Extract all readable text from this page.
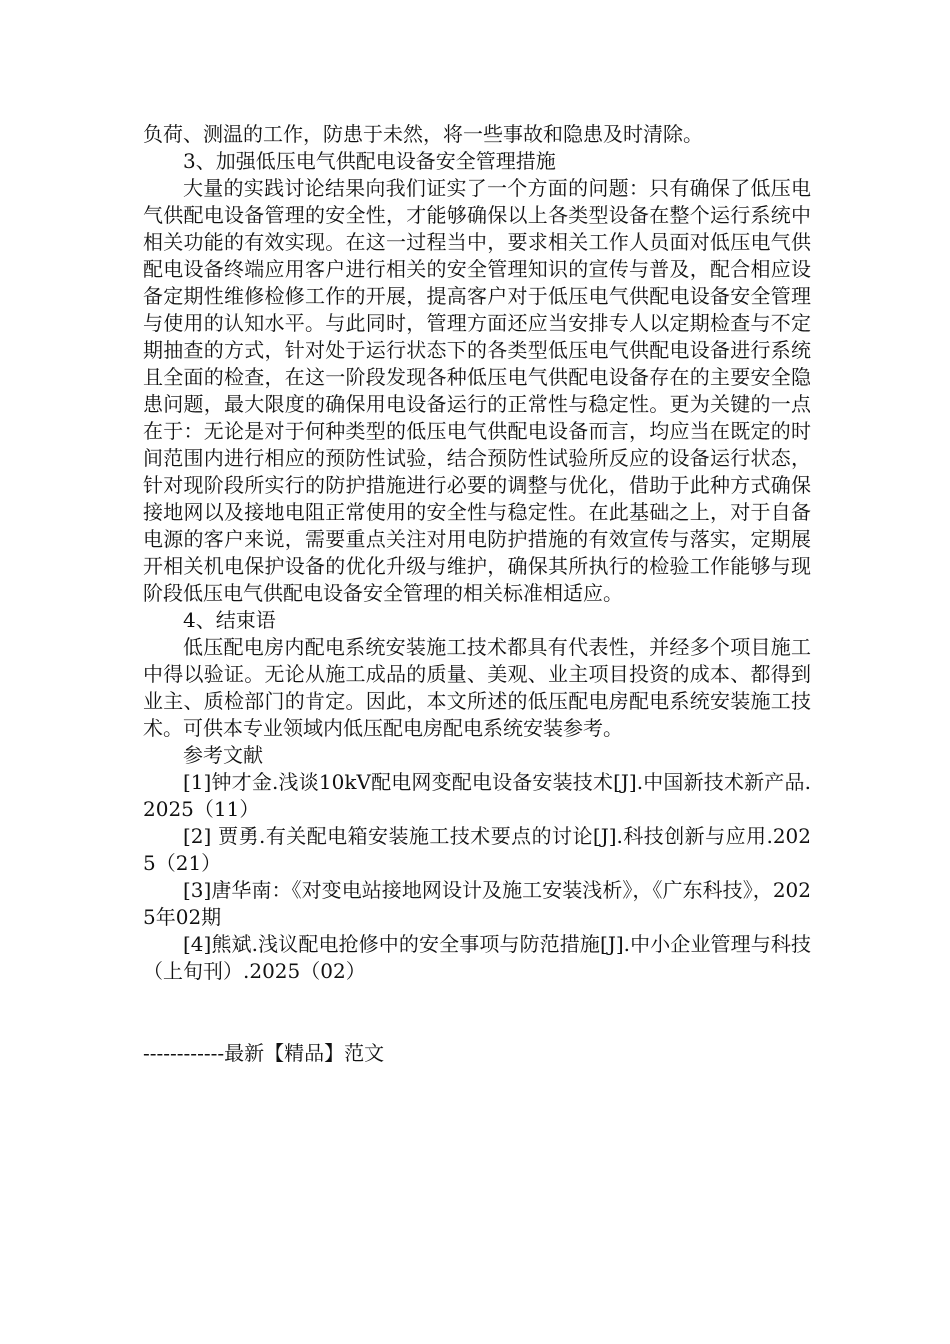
负荷、测温的工作，防患于未然，将一些事故和隐患及时清除。

3、加强低压电气供配电设备安全管理措施

大量的实践讨论结果向我们证实了一个方面的问题：只有确保了低压电气供配电设备管理的安全性，才能够确保以上各类型设备在整个运行系统中相关功能的有效实现。在这一过程当中，要求相关工作人员面对低压电气供配电设备终端应用客户进行相关的安全管理知识的宣传与普及，配合相应设备定期性维修检修工作的开展，提高客户对于低压电气供配电设备安全管理与使用的认知水平。与此同时，管理方面还应当安排专人以定期检查与不定期抽查的方式，针对处于运行状态下的各类型低压电气供配电设备进行系统且全面的检查，在这一阶段发现各种低压电气供配电设备存在的主要安全隐患问题，最大限度的确保用电设备运行的正常性与稳定性。更为关键的一点在于：无论是对于何种类型的低压电气供配电设备而言，均应当在既定的时间范围内进行相应的预防性试验，结合预防性试验所反应的设备运行状态，针对现阶段所实行的防护措施进行必要的调整与优化，借助于此种方式确保接地网以及接地电阻正常使用的安全性与稳定性。在此基础之上，对于自备电源的客户来说，需要重点关注对用电防护措施的有效宣传与落实，定期展开相关机电保护设备的优化升级与维护，确保其所执行的检验工作能够与现阶段低压电气供配电设备安全管理的相关标准相适应。

4、结束语

低压配电房内配电系统安装施工技术都具有代表性，并经多个项目施工中得以验证。无论从施工成品的质量、美观、业主项目投资的成本、都得到业主、质检部门的肯定。因此，本文所述的低压配电房配电系统安装施工技术。可供本专业领域内低压配电房配电系统安装参考。

参考文献

[1]钟才金.浅谈10kV配电网变配电设备安装技术[J].中国新技术新产品.2025（11）

[2] 贾勇.有关配电箱安装施工技术要点的讨论[J].科技创新与应用.2025（21）

[3]唐华南：《对变电站接地网设计及施工安装浅析》，《广东科技》，2025年02期

[4]熊斌.浅议配电抢修中的安全事项与防范措施[J].中小企业管理与科技（上旬刊）.2025（02）

------------最新【精品】范文
